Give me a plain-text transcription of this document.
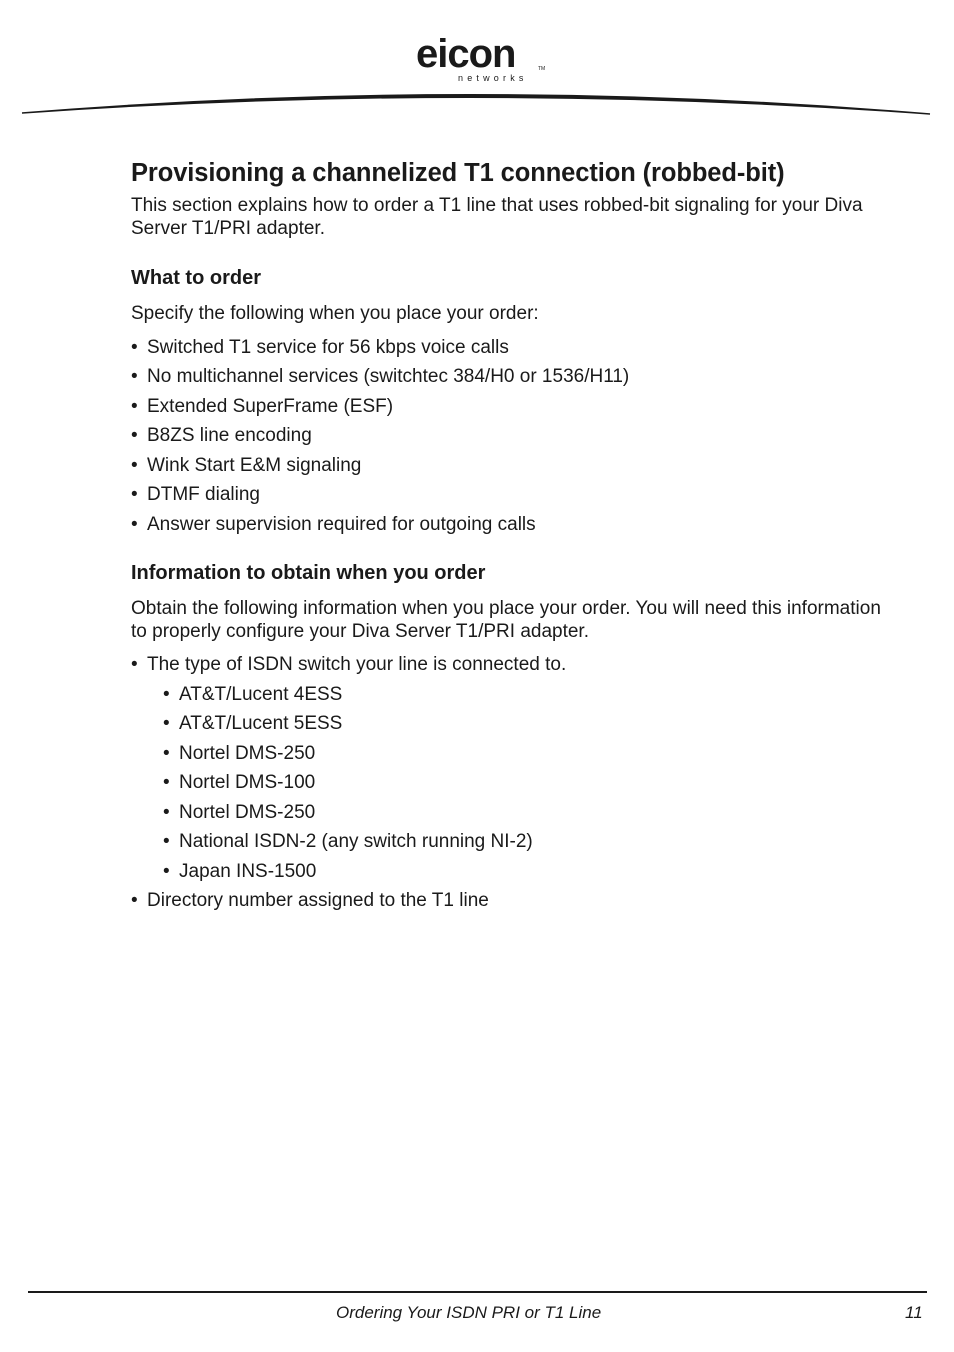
eicon
networks
TM
Provisioning a channelized T1 connection (robbed-bit)

This section explains how to order a T1 line that uses robbed-bit signaling for your Diva Server T1/PRI adapter.

What to order

Specify the following when you place your order:

• Switched T1 service for 56 kbps voice calls
• No multichannel services (switchtec 384/H0 or 1536/H11)
• Extended SuperFrame (ESF)
• B8ZS line encoding
• Wink Start E&M signaling
• DTMF dialing
• Answer supervision required for outgoing calls
Information to obtain when you order

Obtain the following information when you place your order. You will need this information to properly configure your Diva Server T1/PRI adapter.

• The type of ISDN switch your line is connected to.
• AT&T/Lucent 4ESS
• AT&T/Lucent 5ESS
• Nortel DMS-250
• Nortel DMS-100
• Nortel DMS-250
• National ISDN-2 (any switch running NI-2)
• Japan INS-1500
• Directory number assigned to the T1 line
Ordering Your ISDN PRI or T1 Line	11
